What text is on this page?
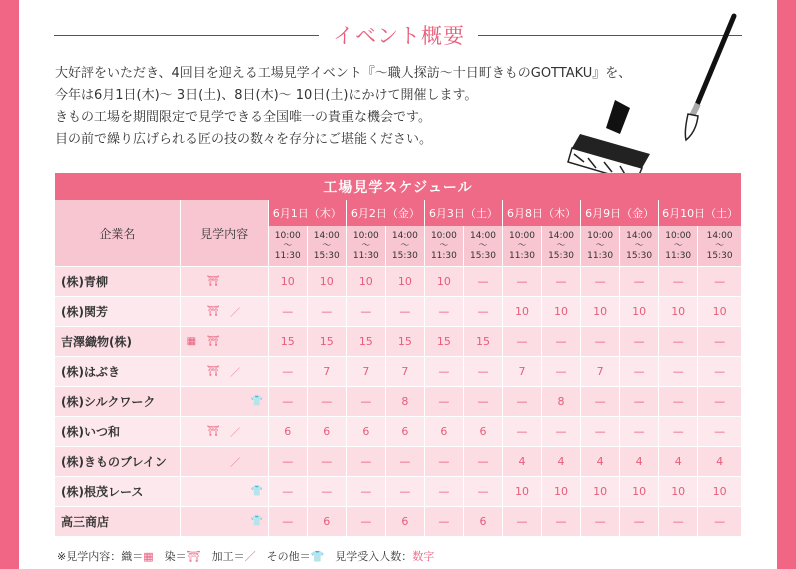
イベント概要
大好評をいただき、4回目を迎える工場見学イベント『〜職人探訪〜十日町きものGOTTAKU』を、
今年は6月1日(木)〜 3日(土)、8日(木)〜 10日(土)にかけて開催します。
きもの工場を期間限定で見学できる全国唯一の貴重な機会です。
目の前で繰り広げられる匠の技の数々を存分にご堪能ください。
工場見学スケジュール																
企業名	見学内容				6月1日（木）		6月2日（金）		6月3日（土）		6月8日（木）		6月9日（金）		6月10日（土）	
					10:00
〜
11:30	14:00
〜
15:30	10:00
〜
11:30	14:00
〜
15:30	10:00
〜
11:30	14:00
〜
15:30	10:00
〜
11:30	14:00
〜
15:30	10:00
〜
11:30	14:00
〜
15:30	10:00
〜
11:30	14:00
〜
15:30
(株)青柳		⛩			10	10	10	10	10	—	—	—	—	—	—	—
(株)関芳		⛩	／		—	—	—	—	—	—	10	10	10	10	10	10
吉澤織物(株)	▦	⛩			15	15	15	15	15	15	—	—	—	—	—	—
(株)はぶき		⛩	／		—	7	7	7	—	—	7	—	7	—	—	—
(株)シルクワーク				👕	—	—	—	8	—	—	—	8	—	—	—	—
(株)いつ和		⛩	／		6	6	6	6	6	6	—	—	—	—	—	—
(株)きものブレイン			／		—	—	—	—	—	—	4	4	4	4	4	4
(株)根茂レース				👕	—	—	—	—	—	—	10	10	10	10	10	10
高三商店				👕	—	6	—	6	—	6	—	—	—	—	—	—
※見学内容：織＝▦　染＝⛩　加工＝／　その他＝👕　見学受入人数：数字
